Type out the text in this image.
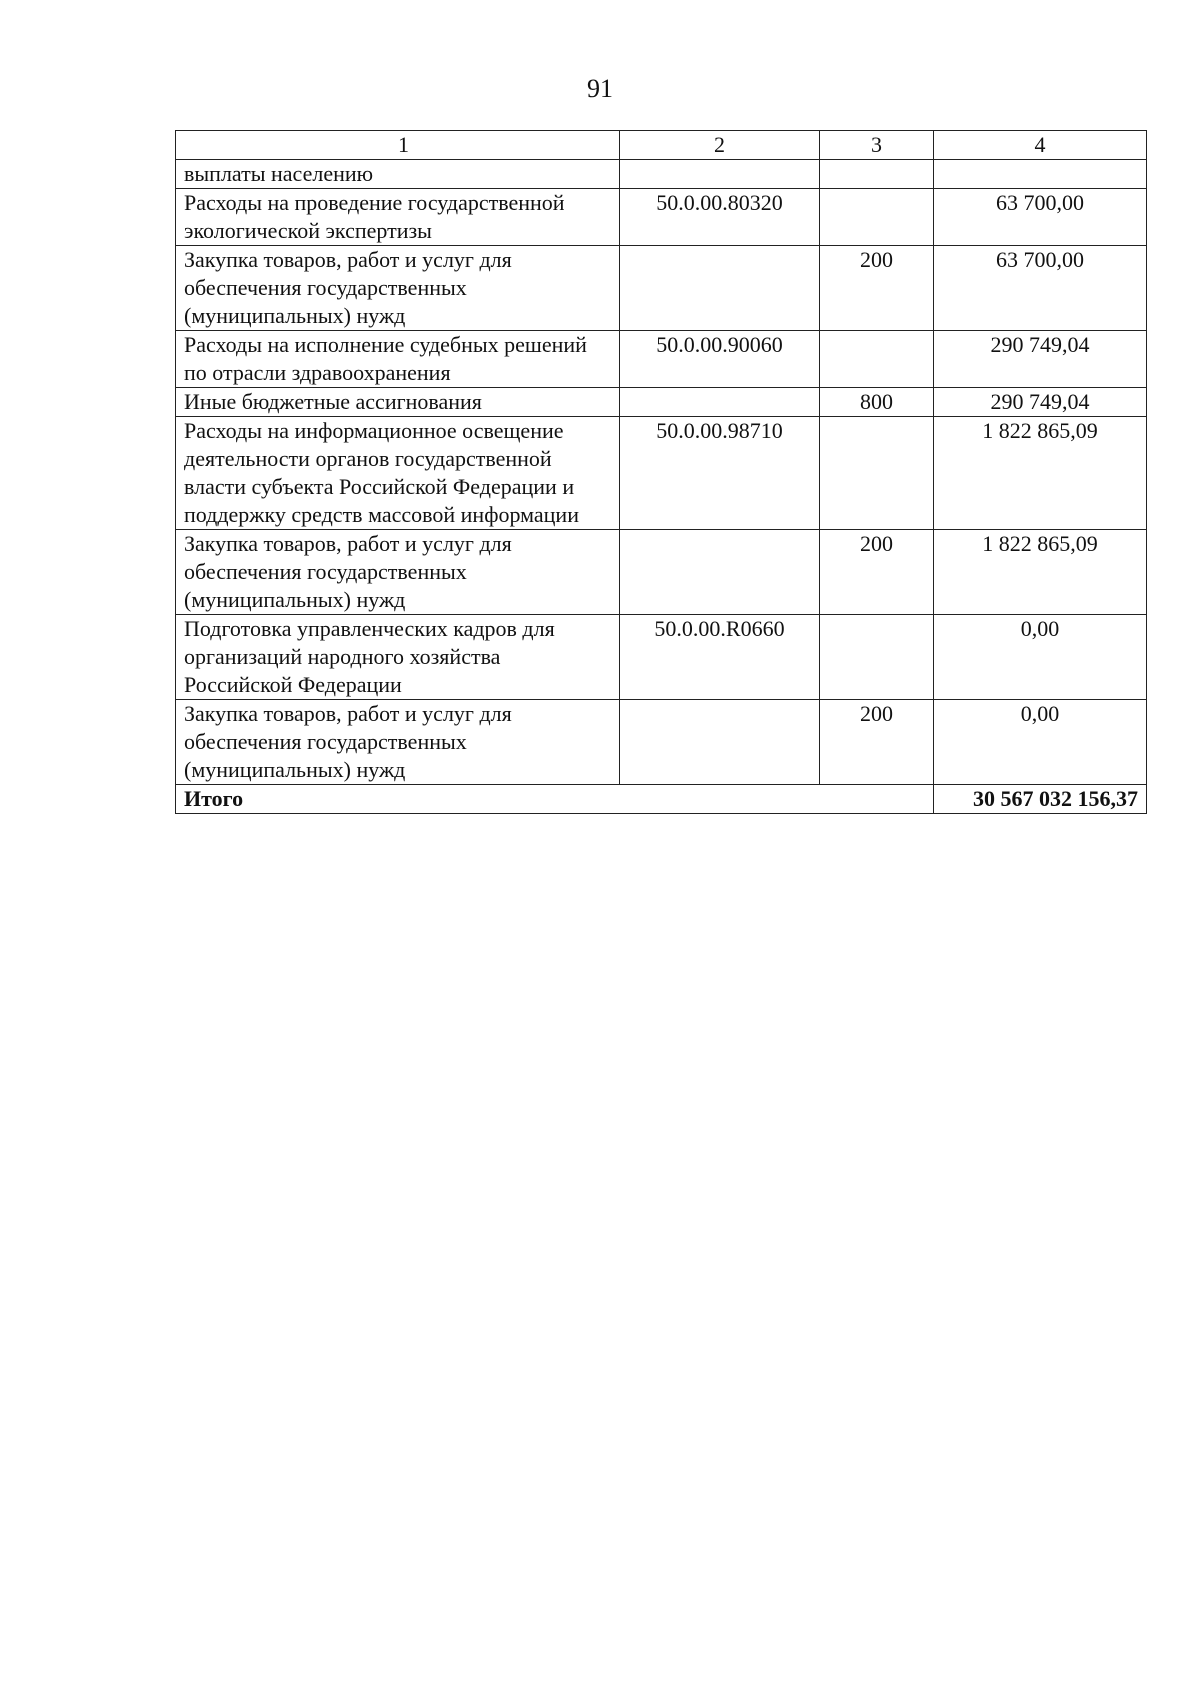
91
1	2	3	4
выплаты населению			
Расходы на проведение государственной экологической экспертизы	50.0.00.80320		63 700,00
Закупка товаров, работ и услуг для обеспечения государственных (муниципальных) нужд		200	63 700,00
Расходы на исполнение судебных решений по отрасли здравоохранения	50.0.00.90060		290 749,04
Иные бюджетные ассигнования		800	290 749,04
Расходы на информационное освещение деятельности органов государственной власти субъекта Российской Федерации и поддержку средств массовой информации	50.0.00.98710		1 822 865,09
Закупка товаров, работ и услуг для обеспечения государственных (муниципальных) нужд		200	1 822 865,09
Подготовка управленческих кадров для организаций народного хозяйства Российской Федерации	50.0.00.R0660		0,00
Закупка товаров, работ и услуг для обеспечения государственных (муниципальных) нужд		200	0,00
Итого			30 567 032 156,37
